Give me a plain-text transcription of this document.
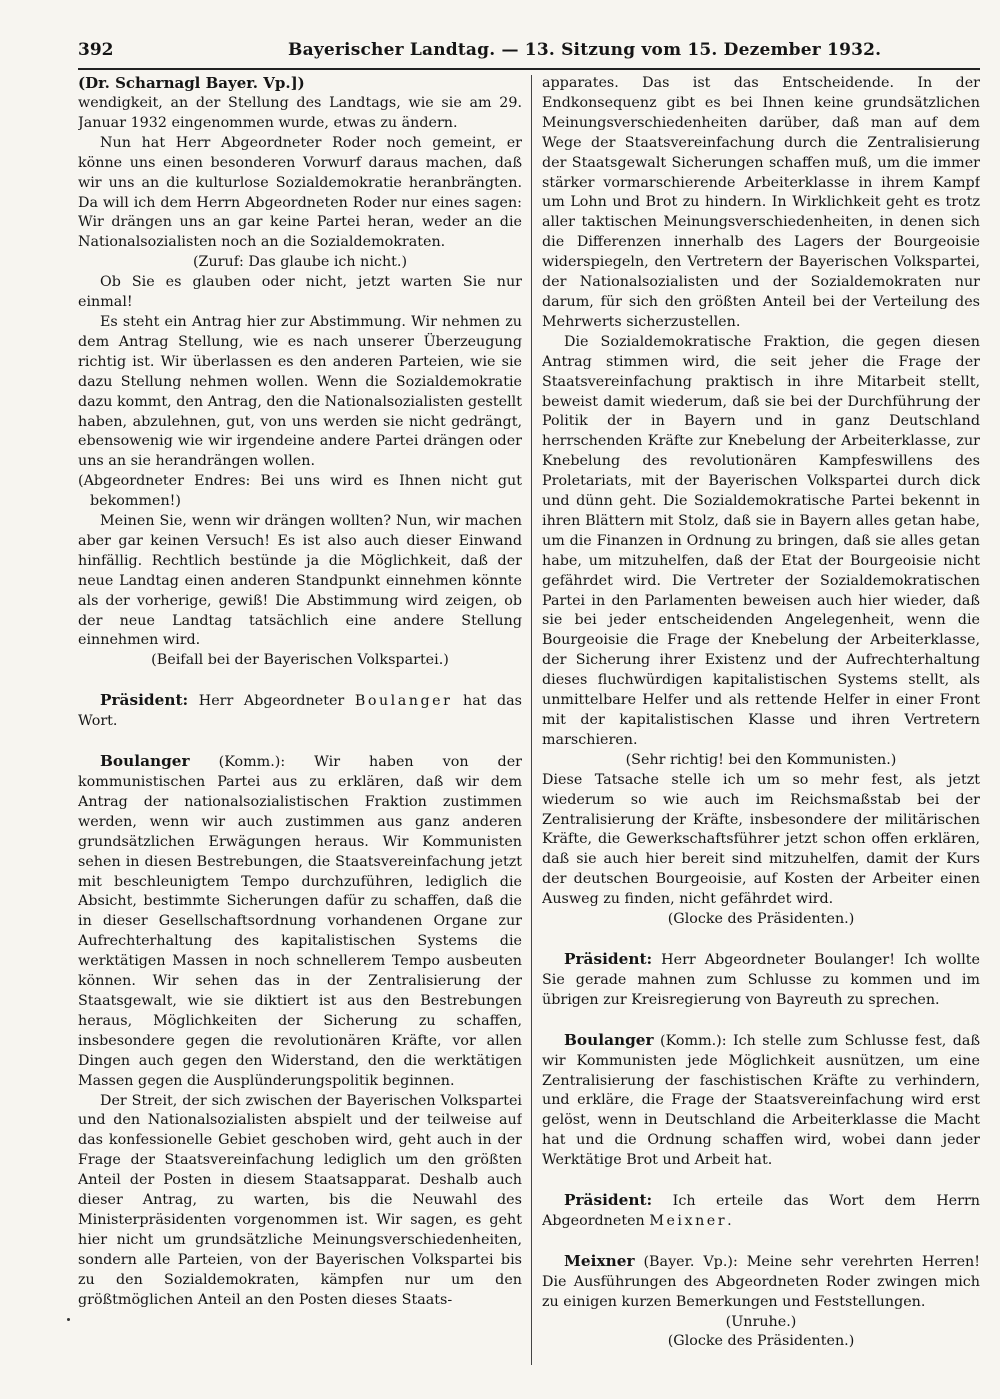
392	Bayerischer Landtag. — 13. Sitzung vom 15. Dezember 1932.
(Dr. Scharnagl Bayer. Vp.])

wendigkeit, an der Stellung des Landtags, wie sie am 29. Januar 1932 eingenommen wurde, etwas zu ändern.

Nun hat Herr Abgeordneter Roder noch gemeint, er könne uns einen besonderen Vorwurf daraus machen, daß wir uns an die kulturlose Sozialdemokratie heranbrängten. Da will ich dem Herrn Abgeordneten Roder nur eines sagen: Wir drängen uns an gar keine Partei heran, weder an die Nationalsozialisten noch an die Sozialdemokraten.

(Zuruf: Das glaube ich nicht.)

Ob Sie es glauben oder nicht, jetzt warten Sie nur einmal!

Es steht ein Antrag hier zur Abstimmung. Wir nehmen zu dem Antrag Stellung, wie es nach unserer Überzeugung richtig ist. Wir überlassen es den anderen Parteien, wie sie dazu Stellung nehmen wollen. Wenn die Sozialdemokratie dazu kommt, den Antrag, den die Nationalsozialisten gestellt haben, abzulehnen, gut, von uns werden sie nicht gedrängt, ebensowenig wie wir irgendeine andere Partei drängen oder uns an sie herandrängen wollen.

(Abgeordneter Endres: Bei uns wird es Ihnen nicht gut bekommen!)

Meinen Sie, wenn wir drängen wollten? Nun, wir machen aber gar keinen Versuch! Es ist also auch dieser Einwand hinfällig. Rechtlich bestünde ja die Möglichkeit, daß der neue Landtag einen anderen Standpunkt einnehmen könnte als der vorherige, gewiß! Die Abstimmung wird zeigen, ob der neue Landtag tatsächlich eine andere Stellung einnehmen wird.

(Beifall bei der Bayerischen Volkspartei.)

Präsident: Herr Abgeordneter Boulanger hat das Wort.

Boulanger (Komm.): Wir haben von der kommunistischen Partei aus zu erklären, daß wir dem Antrag der nationalsozialistischen Fraktion zustimmen werden, wenn wir auch zustimmen aus ganz anderen grundsätzlichen Erwägungen heraus. Wir Kommunisten sehen in diesen Bestrebungen, die Staatsvereinfachung jetzt mit beschleunigtem Tempo durchzuführen, lediglich die Absicht, bestimmte Sicherungen dafür zu schaffen, daß die in dieser Gesellschaftsordnung vorhandenen Organe zur Aufrechterhaltung des kapitalistischen Systems die werktätigen Massen in noch schnellerem Tempo ausbeuten können. Wir sehen das in der Zentralisierung der Staatsgewalt, wie sie diktiert ist aus den Bestrebungen heraus, Möglichkeiten der Sicherung zu schaffen, insbesondere gegen die revolutionären Kräfte, vor allen Dingen auch gegen den Widerstand, den die werktätigen Massen gegen die Ausplünderungspolitik beginnen.

Der Streit, der sich zwischen der Bayerischen Volkspartei und den Nationalsozialisten abspielt und der teilweise auf das konfessionelle Gebiet geschoben wird, geht auch in der Frage der Staatsvereinfachung lediglich um den größten Anteil der Posten in diesem Staatsapparat. Deshalb auch dieser Antrag, zu warten, bis die Neuwahl des Ministerpräsidenten vorgenommen ist. Wir sagen, es geht hier nicht um grundsätzliche Meinungsverschiedenheiten, sondern alle Parteien, von der Bayerischen Volkspartei bis zu den Sozialdemokraten, kämpfen nur um den größtmöglichen Anteil an den Posten dieses Staats-

apparates. Das ist das Entscheidende. In der Endkonsequenz gibt es bei Ihnen keine grundsätzlichen Meinungsverschiedenheiten darüber, daß man auf dem Wege der Staatsvereinfachung durch die Zentralisierung der Staatsgewalt Sicherungen schaffen muß, um die immer stärker vormarschierende Arbeiterklasse in ihrem Kampf um Lohn und Brot zu hindern. In Wirklichkeit geht es trotz aller taktischen Meinungsverschiedenheiten, in denen sich die Differenzen innerhalb des Lagers der Bourgeoisie widerspiegeln, den Vertretern der Bayerischen Volkspartei, der Nationalsozialisten und der Sozialdemokraten nur darum, für sich den größten Anteil bei der Verteilung des Mehrwerts sicherzustellen.

Die Sozialdemokratische Fraktion, die gegen diesen Antrag stimmen wird, die seit jeher die Frage der Staatsvereinfachung praktisch in ihre Mitarbeit stellt, beweist damit wiederum, daß sie bei der Durchführung der Politik der in Bayern und in ganz Deutschland herrschenden Kräfte zur Knebelung der Arbeiterklasse, zur Knebelung des revolutionären Kampfeswillens des Proletariats, mit der Bayerischen Volkspartei durch dick und dünn geht. Die Sozialdemokratische Partei bekennt in ihren Blättern mit Stolz, daß sie in Bayern alles getan habe, um die Finanzen in Ordnung zu bringen, daß sie alles getan habe, um mitzuhelfen, daß der Etat der Bourgeoisie nicht gefährdet wird. Die Vertreter der Sozialdemokratischen Partei in den Parlamenten beweisen auch hier wieder, daß sie bei jeder entscheidenden Angelegenheit, wenn die Bourgeoisie die Frage der Knebelung der Arbeiterklasse, der Sicherung ihrer Existenz und der Aufrechterhaltung dieses fluchwürdigen kapitalistischen Systems stellt, als unmittelbare Helfer und als rettende Helfer in einer Front mit der kapitalistischen Klasse und ihren Vertretern marschieren.

(Sehr richtig! bei den Kommunisten.)

Diese Tatsache stelle ich um so mehr fest, als jetzt wiederum so wie auch im Reichsmaßstab bei der Zentralisierung der Kräfte, insbesondere der militärischen Kräfte, die Gewerkschaftsführer jetzt schon offen erklären, daß sie auch hier bereit sind mitzuhelfen, damit der Kurs der deutschen Bourgeoisie, auf Kosten der Arbeiter einen Ausweg zu finden, nicht gefährdet wird.

(Glocke des Präsidenten.)

Präsident: Herr Abgeordneter Boulanger! Ich wollte Sie gerade mahnen zum Schlusse zu kommen und im übrigen zur Kreisregierung von Bayreuth zu sprechen.

Boulanger (Komm.): Ich stelle zum Schlusse fest, daß wir Kommunisten jede Möglichkeit ausnützen, um eine Zentralisierung der faschistischen Kräfte zu verhindern, und erkläre, die Frage der Staatsvereinfachung wird erst gelöst, wenn in Deutschland die Arbeiterklasse die Macht hat und die Ordnung schaffen wird, wobei dann jeder Werktätige Brot und Arbeit hat.

Präsident: Ich erteile das Wort dem Herrn Abgeordneten Meixner.

Meixner (Bayer. Vp.): Meine sehr verehrten Herren! Die Ausführungen des Abgeordneten Roder zwingen mich zu einigen kurzen Bemerkungen und Feststellungen.

(Unruhe.)

(Glocke des Präsidenten.)
